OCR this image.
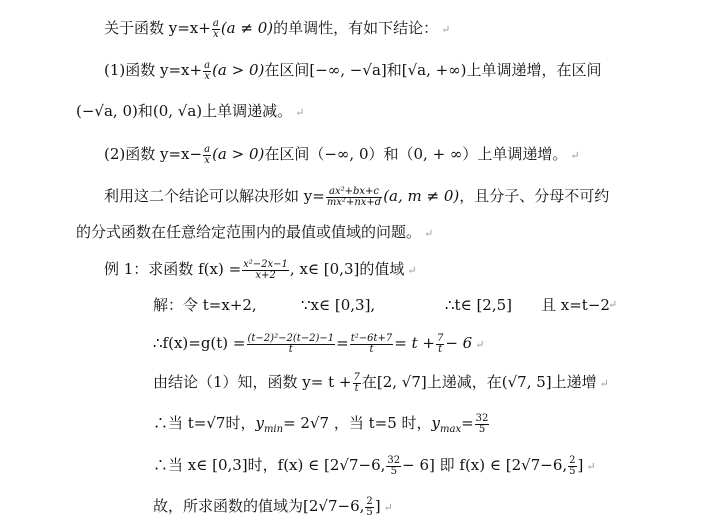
关于函数 $y=x+ \frac{a}{x} (a \ne 0)$的单调性，有如下结论： ↵
(1)函数 $y=x+ \frac{a}{x} (a > 0)$在区间[−∞, −√a]和[√a, +∞)上单调递增，在区间
(−√a, 0)和(0, √a)上单调递减。 ↵
(2)函数 $y=x- \frac{a}{x} (a > 0)$在区间（−∞, 0）和（0, + ∞）上单调递增。 ↵
利用这二个结论可以解决形如 $y= \frac{\text{ax²+bx+c}}{\text{mx²+nx+d}} (a$, m ≠ 0)，且分子、分母不可约
的分式函数在任意给定范围内的最值或值域的问题。 ↵
例 1：求函数 $f(x) = \frac{\text{x²−2x−1}}{x+2}$ , x∈ [0,3]的值域 ↵
解：令 t=x+2,	∵x∈ [0,3],	∴t∈ [2,5] 且 x=t−2
↵
∴f(x)=g(t) = $\frac{\text{(t−2)²−2(t−2)−1}}{t} = \frac{\text{t²−6t+7}}{t} = t + \frac{7}{t} - 6$ ↵
由结论（1）知，函数 $y= t + \frac{7}{t}$ 在[2, √7]上递减，在(√7, 5]上递增 ↵
∴当 t=√7时，$y_{min}= 2√7$ ，当 t=5 时，$y_{max}= \frac{32}{5}$
∴当 x∈ [0,3]时，f(x) ∈ [2√7−6, $\frac{32}{5} - 6$] 即 f(x) ∈ [2√7−6, $\frac{2}{5}$ ] ↵
故，所求函数的值域为[2√7−6, $\frac{2}{5}$ ] ↵
